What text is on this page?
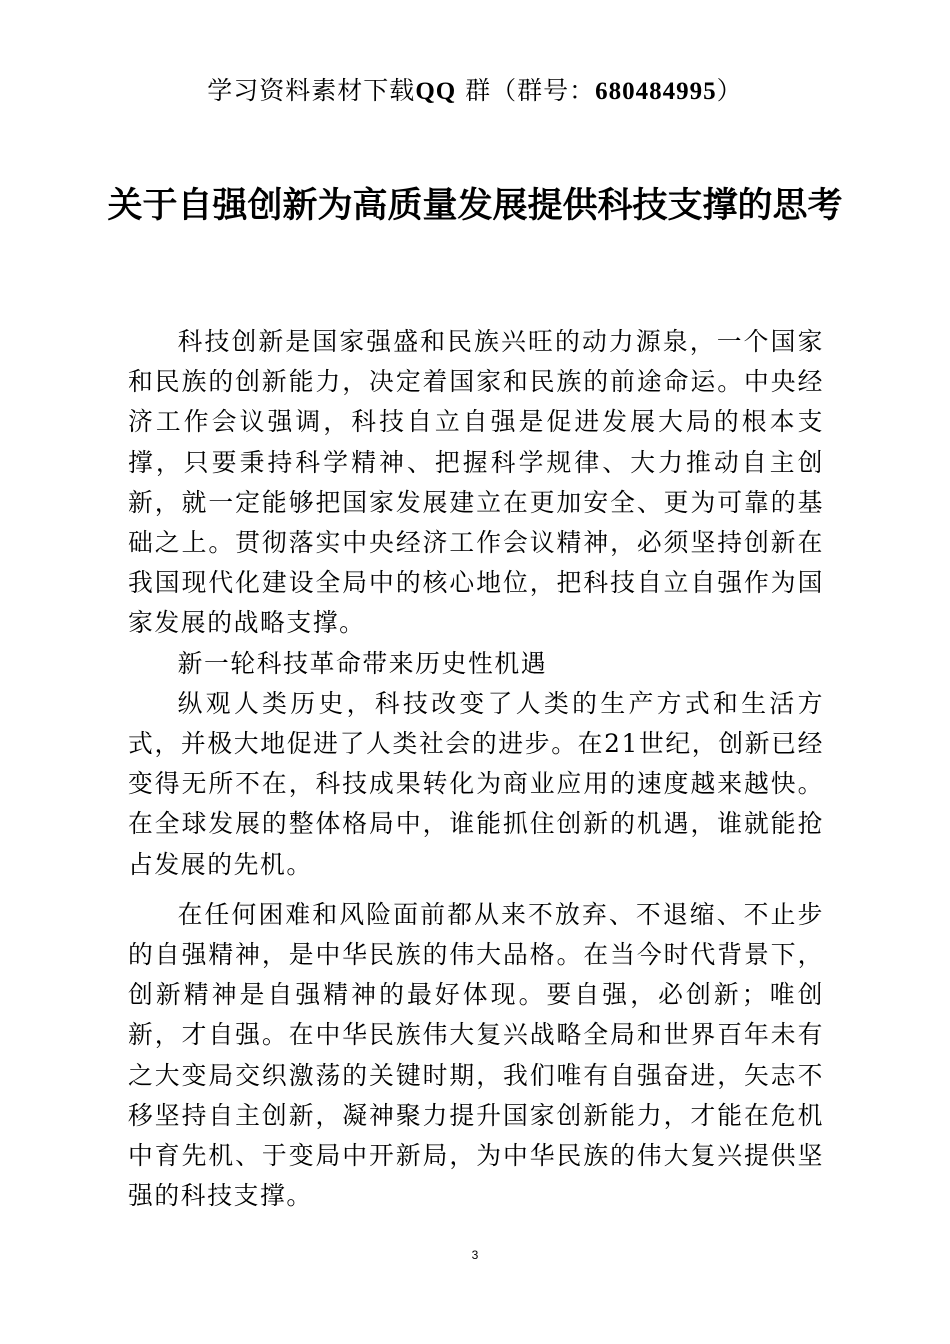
学习资料素材下载QQ 群（群号：680484995）
关于自强创新为高质量发展提供科技支撑的思考

科技创新是国家强盛和民族兴旺的动力源泉，一个国家和民族的创新能力，决定着国家和民族的前途命运。中央经济工作会议强调，科技自立自强是促进发展大局的根本支撑，只要秉持科学精神、把握科学规律、大力推动自主创新，就一定能够把国家发展建立在更加安全、更为可靠的基础之上。贯彻落实中央经济工作会议精神，必须坚持创新在我国现代化建设全局中的核心地位，把科技自立自强作为国家发展的战略支撑。

新一轮科技革命带来历史性机遇

纵观人类历史，科技改变了人类的生产方式和生活方式，并极大地促进了人类社会的进步。在21世纪，创新已经变得无所不在，科技成果转化为商业应用的速度越来越快。在全球发展的整体格局中，谁能抓住创新的机遇，谁就能抢占发展的先机。

在任何困难和风险面前都从来不放弃、不退缩、不止步的自强精神，是中华民族的伟大品格。在当今时代背景下，创新精神是自强精神的最好体现。要自强，必创新；唯创新，才自强。在中华民族伟大复兴战略全局和世界百年未有之大变局交织激荡的关键时期，我们唯有自强奋进，矢志不移坚持自主创新，凝神聚力提升国家创新能力，才能在危机中育先机、于变局中开新局，为中华民族的伟大复兴提供坚强的科技支撑。

3
